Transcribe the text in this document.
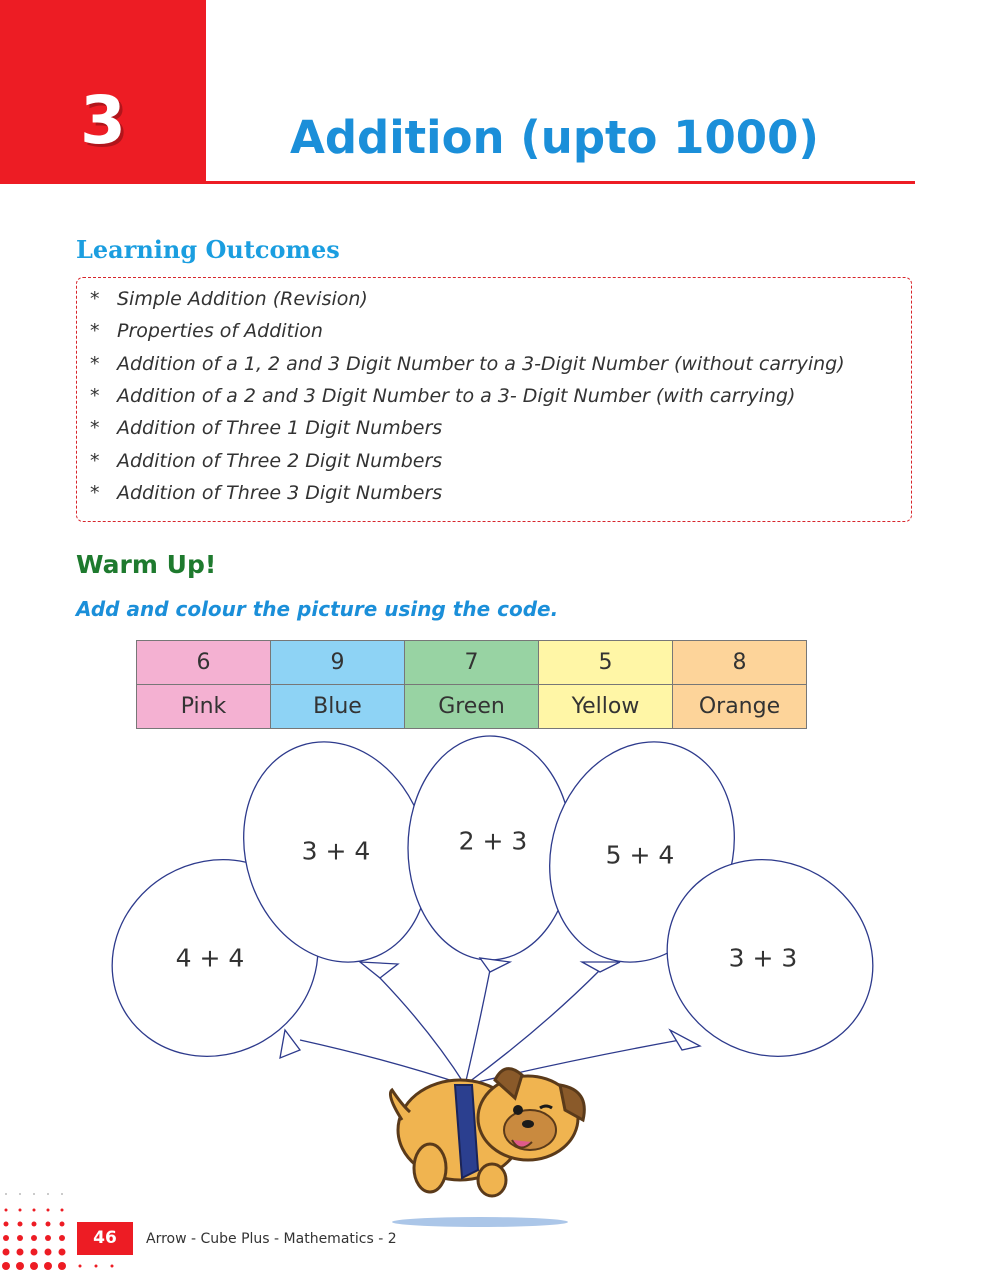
3	Addition (upto 1000)
Learning Outcomes
* Simple Addition (Revision)
* Properties of Addition
* Addition of a 1, 2 and 3 Digit Number to a 3-Digit Number (without carrying)
* Addition of a 2 and 3 Digit Number to a 3- Digit Number (with carrying)
* Addition of Three 1 Digit Numbers
* Addition of Three 2 Digit Numbers
* Addition of Three 3 Digit Numbers
Warm Up!
Add and colour the picture using the code.
6	9	7	5	8
Pink	Blue	Green	Yellow	Orange
4 + 4
3 + 4	2 + 3	5 + 4
3 + 3
46	Arrow - Cube Plus - Mathematics - 2
